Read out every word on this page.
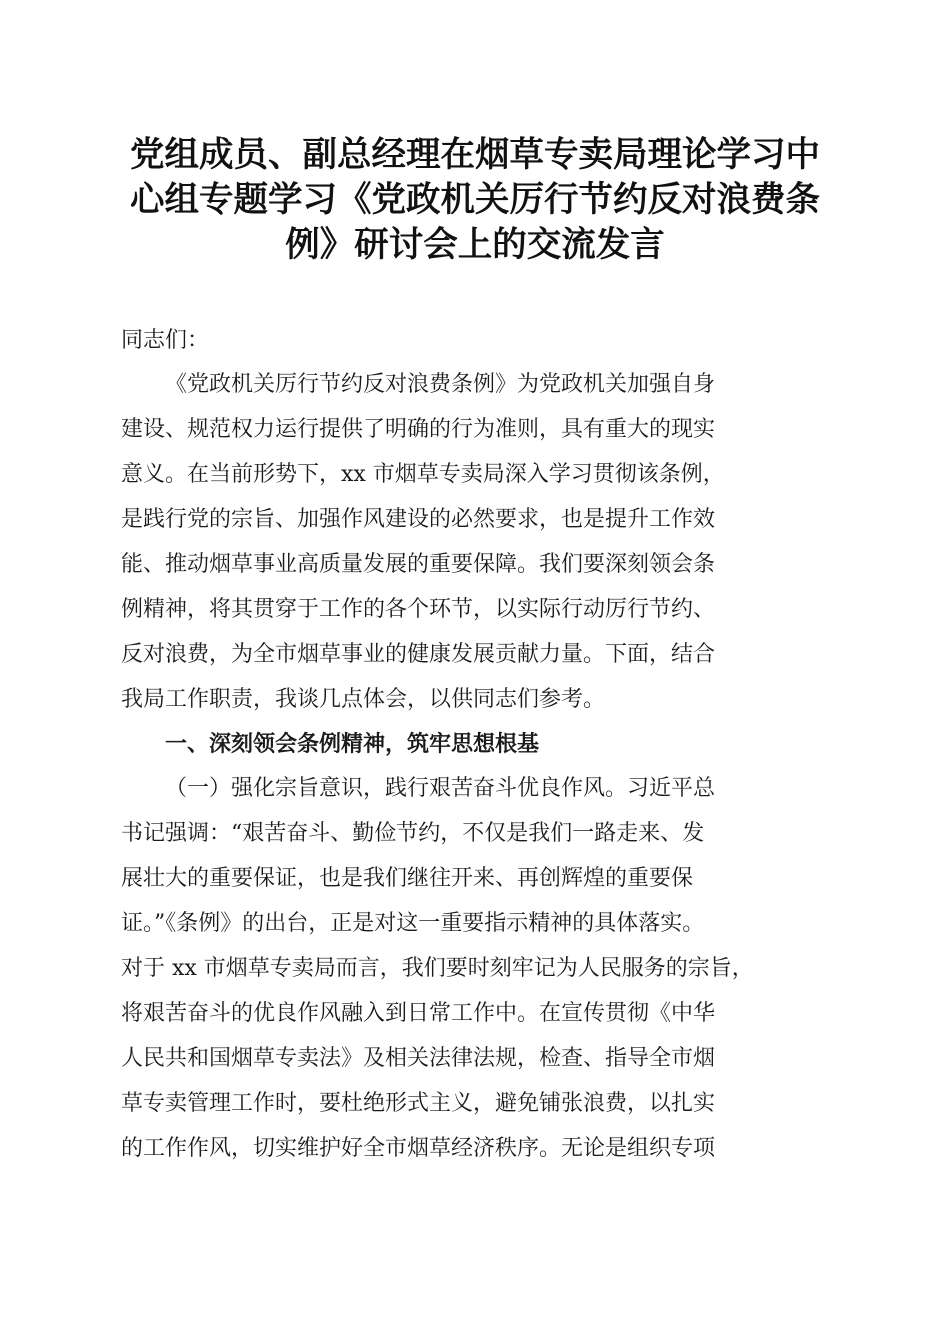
党组成员、副总经理在烟草专卖局理论学习中
心组专题学习《党政机关厉行节约反对浪费条
例》研讨会上的交流发言
同志们：
《党政机关厉行节约反对浪费条例》为党政机关加强自身
建设、规范权力运行提供了明确的行为准则，具有重大的现实
意义。在当前形势下，xx 市烟草专卖局深入学习贯彻该条例，
是践行党的宗旨、加强作风建设的必然要求，也是提升工作效
能、推动烟草事业高质量发展的重要保障。我们要深刻领会条
例精神，将其贯穿于工作的各个环节，以实际行动厉行节约、
反对浪费，为全市烟草事业的健康发展贡献力量。下面，结合
我局工作职责，我谈几点体会，以供同志们参考。
一、深刻领会条例精神，筑牢思想根基
（一）强化宗旨意识，践行艰苦奋斗优良作风。习近平总
书记强调：“艰苦奋斗、勤俭节约，不仅是我们一路走来、发
展壮大的重要保证，也是我们继往开来、再创辉煌的重要保
证。”《条例》的出台，正是对这一重要指示精神的具体落实。
对于 xx 市烟草专卖局而言，我们要时刻牢记为人民服务的宗旨，
将艰苦奋斗的优良作风融入到日常工作中。在宣传贯彻《中华
人民共和国烟草专卖法》及相关法律法规，检查、指导全市烟
草专卖管理工作时，要杜绝形式主义，避免铺张浪费，以扎实
的工作作风，切实维护好全市烟草经济秩序。无论是组织专项
